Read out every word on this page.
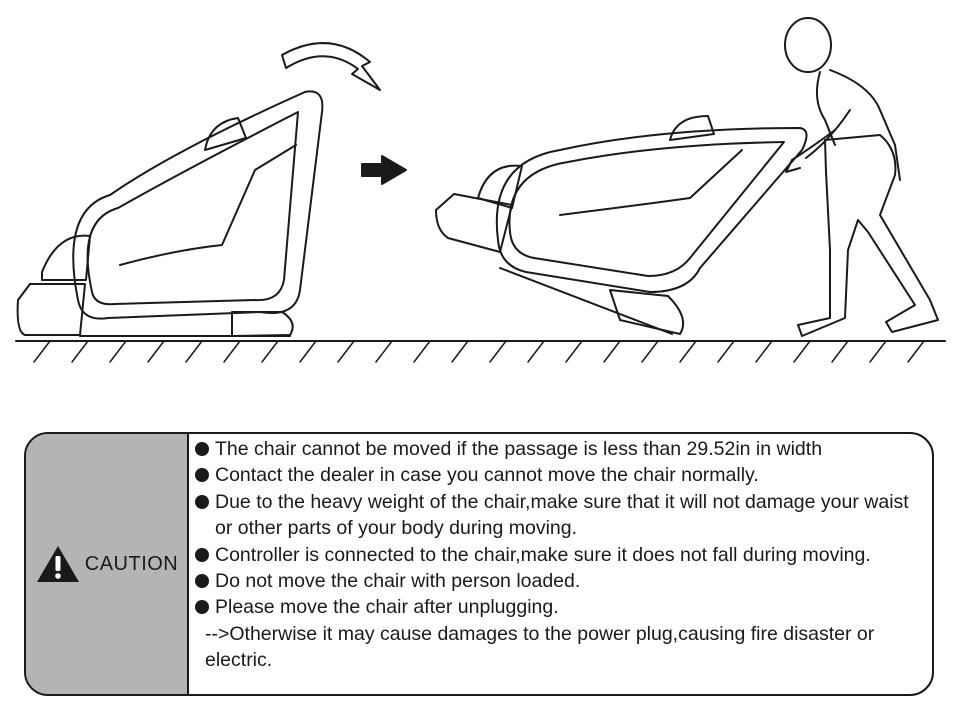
CAUTION
The chair cannot be moved if the passage is less than 29.52in in width
Contact the dealer in case you cannot move the chair normally.
Due to the heavy weight of the chair,make sure that it will not damage your waist or other parts of your body during moving.
Controller is connected to the chair,make sure it does not fall during moving.
Do not move the chair with person loaded.
Please move the chair after unplugging.
-->Otherwise it may cause damages to the power plug,causing fire disaster or electric.
